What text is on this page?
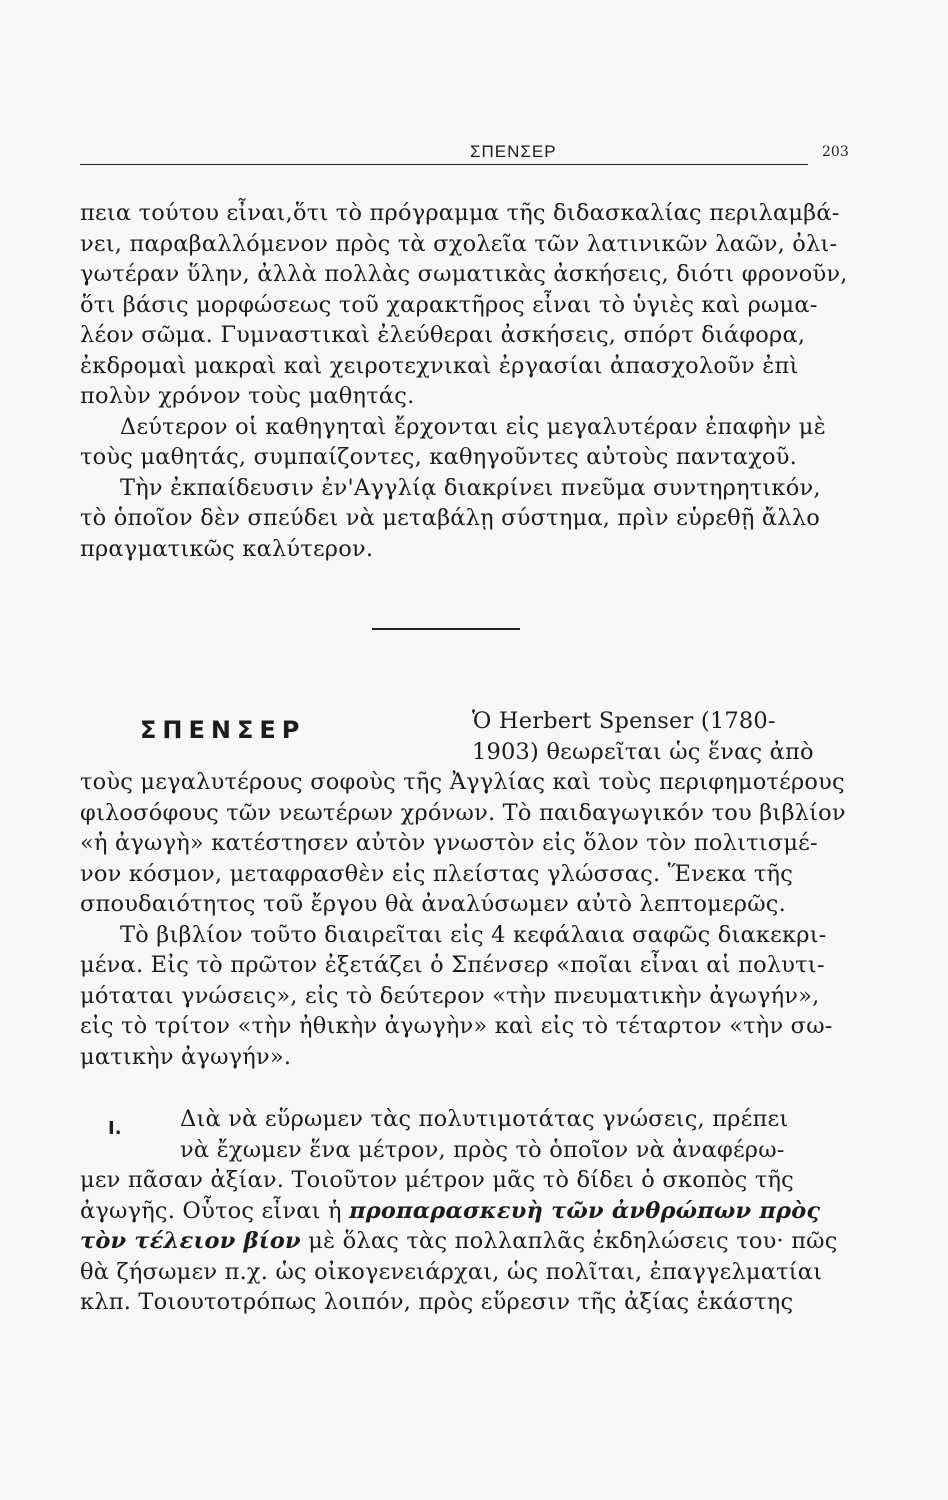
ΣΠΕΝΣΕΡ	203
πεια τούτου εἶναι,ὅτι τὸ πρόγραμμα τῆς διδασκαλίας περιλαμβά-
νει, παραβαλλόμενον πρὸς τὰ σχολεῖα τῶν λατινικῶν λαῶν, ὀλι-
γωτέραν ὕλην, ἀλλὰ πολλὰς σωματικὰς ἀσκήσεις, διότι φρονοῦν,
ὅτι βάσις μορφώσεως τοῦ χαρακτῆρος εἶναι τὸ ὑγιὲς καὶ ρωμα-
λέον σῶμα. Γυμναστικαὶ ἐλεύθεραι ἀσκήσεις, σπόρτ διάφορα,
ἐκδρομαὶ μακραὶ καὶ χειροτεχνικαὶ ἐργασίαι ἀπασχολοῦν ἐπὶ
πολὺν χρόνον τοὺς μαθητάς.
Δεύτερον οἱ καθηγηταὶ ἔρχονται εἰς μεγαλυτέραν ἐπαφὴν μὲ
τοὺς μαθητάς, συμπαίζοντες, καθηγοῦντες αὐτοὺς πανταχοῦ.
Τὴν ἐκπαίδευσιν ἐν'Αγγλίᾳ διακρίνει πνεῦμα συντηρητικόν,
τὸ ὁποῖον δὲν σπεύδει νὰ μεταβάλῃ σύστημα, πρὶν εὑρεθῇ ἄλλο
πραγματικῶς καλύτερον.
ΣΠΕΝΣΕΡ	Ὁ Herbert Spenser (1780-
1903) θεωρεῖται ὡς ἕνας ἀπὸ
τοὺς μεγαλυτέρους σοφοὺς τῆς Ἀγγλίας καὶ τοὺς περιφημοτέρους
φιλοσόφους τῶν νεωτέρων χρόνων. Τὸ παιδαγωγικόν του βιβλίον
«ἡ ἀγωγὴ» κατέστησεν αὐτὸν γνωστὸν εἰς ὅλον τὸν πολιτισμέ-
νον κόσμον, μεταφρασθὲν εἰς πλείστας γλώσσας. Ἕνεκα τῆς
σπουδαιότητος τοῦ ἔργου θὰ ἀναλύσωμεν αὐτὸ λεπτομερῶς.
Τὸ βιβλίον τοῦτο διαιρεῖται εἰς 4 κεφάλαια σαφῶς διακεκρι-
μένα. Εἰς τὸ πρῶτον ἐξετάζει ὁ Σπένσερ «ποῖαι εἶναι αἱ πολυτι-
μόταται γνώσεις», εἰς τὸ δεύτερον «τὴν πνευματικὴν ἀγωγήν»,
εἰς τὸ τρίτον «τὴν ἠθικὴν ἀγωγὴν» καὶ εἰς τὸ τέταρτον «τὴν σω-
ματικὴν ἀγωγήν».
I.	Διὰ νὰ εὕρωμεν τὰς πολυτιμοτάτας γνώσεις, πρέπει
νὰ ἔχωμεν ἕνα μέτρον, πρὸς τὸ ὁποῖον νὰ ἀναφέρω-
μεν πᾶσαν ἀξίαν. Τοιοῦτον μέτρον μᾶς τὸ δίδει ὁ σκοπὸς τῆς
ἀγωγῆς. Οὗτος εἶναι ἡ προπαρασκευὴ τῶν ἀνθρώπων πρὸς
τὸν τέλειον βίον μὲ ὅλας τὰς πολλαπλᾶς ἐκδηλώσεις του· πῶς
θὰ ζήσωμεν π.χ. ὡς οἰκογενειάρχαι, ὡς πολῖται, ἐπαγγελματίαι
κλπ. Τοιουτοτρόπως λοιπόν, πρὸς εὕρεσιν τῆς ἀξίας ἑκάστης
